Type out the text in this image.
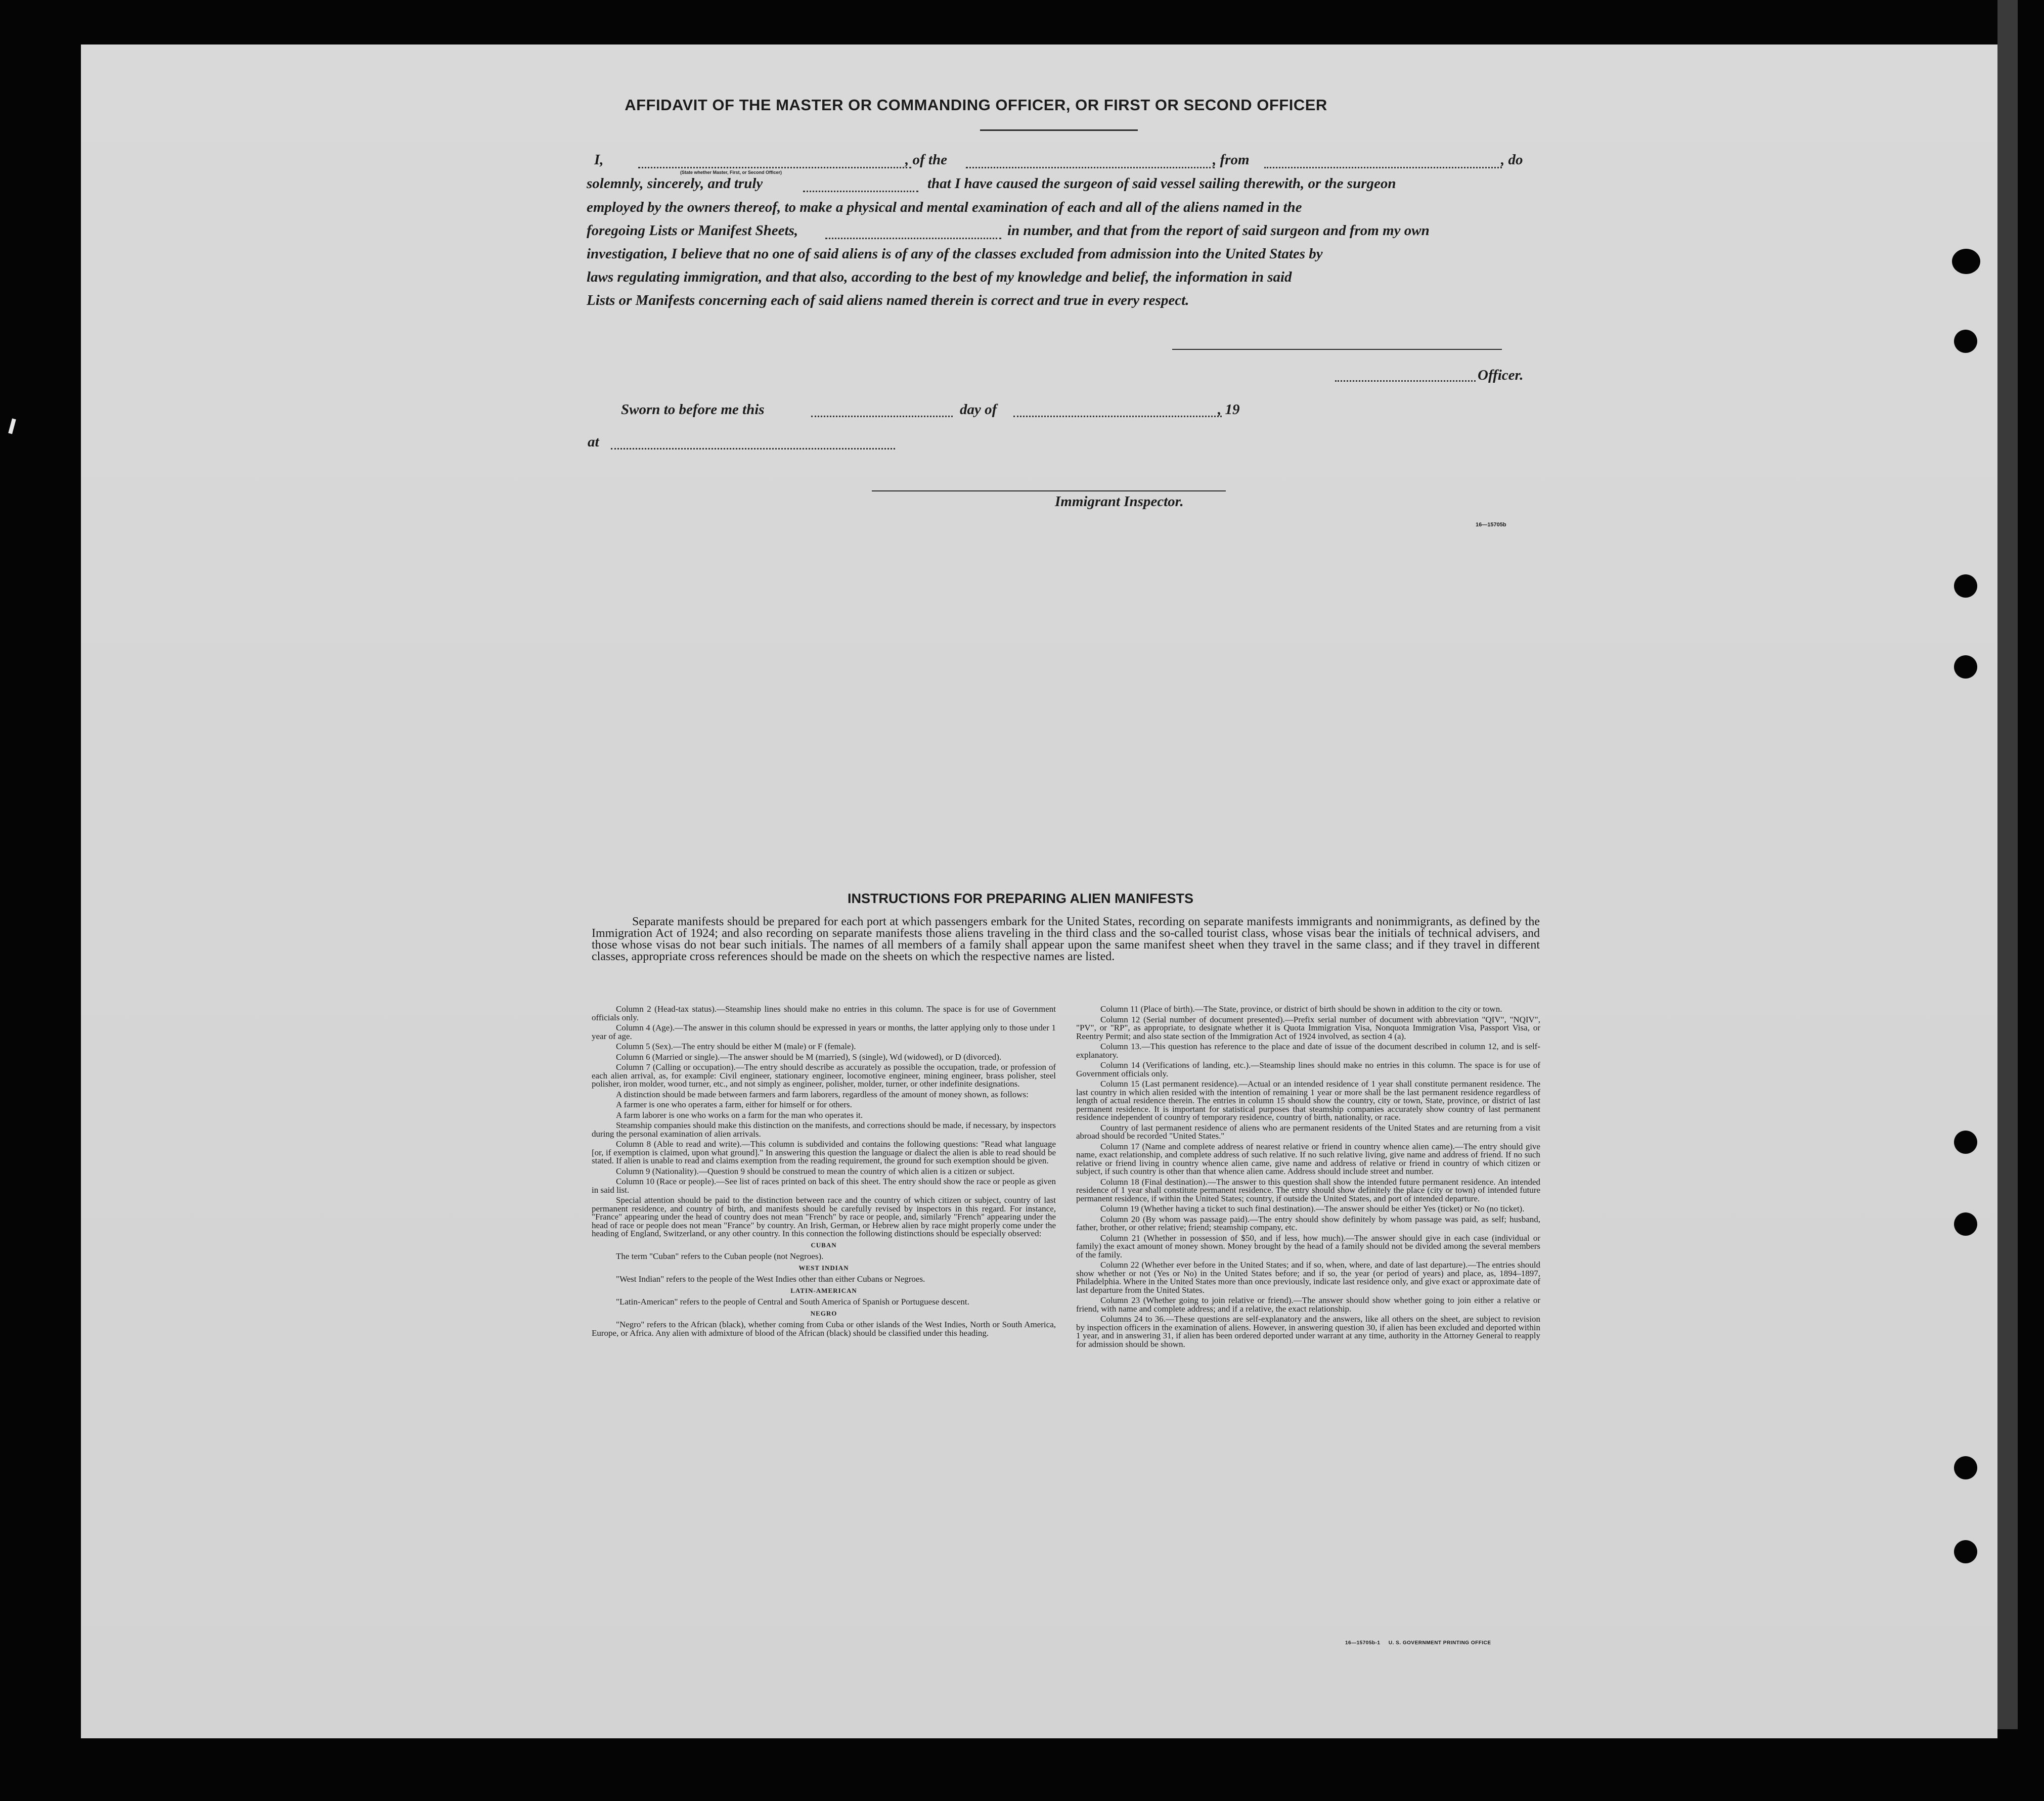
AFFIDAVIT OF THE MASTER OR COMMANDING OFFICER, OR FIRST OR SECOND OFFICER
I,	, of the	, from	, do
(State whether Master, First, or Second Officer)
solemnly, sincerely, and truly	that I have caused the surgeon of said vessel sailing therewith, or the surgeon
employed by the owners thereof, to make a physical and mental examination of each and all of the aliens named in the
foregoing Lists or Manifest Sheets,	in number, and that from the report of said surgeon and from my own
investigation, I believe that no one of said aliens is of any of the classes excluded from admission into the United States by
laws regulating immigration, and that also, according to the best of my knowledge and belief, the information in said
Lists or Manifests concerning each of said aliens named therein is correct and true in every respect.
Officer.
Sworn to before me this	day of	, 19
at
Immigrant Inspector.
16—15705b
INSTRUCTIONS FOR PREPARING ALIEN MANIFESTS

Separate manifests should be prepared for each port at which passengers embark for the United States, recording on separate manifests immigrants and nonimmigrants, as defined by the Immigration Act of 1924; and also recording on separate manifests those aliens traveling in the third class and the so-called tourist class, whose visas bear the initials of technical advisers, and those whose visas do not bear such initials. The names of all members of a family shall appear upon the same manifest sheet when they travel in the same class; and if they travel in different classes, appropriate cross references should be made on the sheets on which the respective names are listed.

Column 2 (Head-tax status).—Steamship lines should make no entries in this column. The space is for use of Government officials only.

Column 4 (Age).—The answer in this column should be expressed in years or months, the latter applying only to those under 1 year of age.

Column 5 (Sex).—The entry should be either M (male) or F (female).

Column 6 (Married or single).—The answer should be M (married), S (single), Wd (widowed), or D (divorced).

Column 7 (Calling or occupation).—The entry should describe as accurately as possible the occupation, trade, or profession of each alien arrival, as, for example: Civil engineer, stationary engineer, locomotive engineer, mining engineer, brass polisher, steel polisher, iron molder, wood turner, etc., and not simply as engineer, polisher, molder, turner, or other indefinite designations.

A distinction should be made between farmers and farm laborers, regardless of the amount of money shown, as follows:

A farmer is one who operates a farm, either for himself or for others.

A farm laborer is one who works on a farm for the man who operates it.

Steamship companies should make this distinction on the manifests, and corrections should be made, if necessary, by inspectors during the personal examination of alien arrivals.

Column 8 (Able to read and write).—This column is subdivided and contains the following questions: "Read what language [or, if exemption is claimed, upon what ground]." In answering this question the language or dialect the alien is able to read should be stated. If alien is unable to read and claims exemption from the reading requirement, the ground for such exemption should be given.

Column 9 (Nationality).—Question 9 should be construed to mean the country of which alien is a citizen or subject.

Column 10 (Race or people).—See list of races printed on back of this sheet. The entry should show the race or people as given in said list.

Special attention should be paid to the distinction between race and the country of which citizen or subject, country of last permanent residence, and country of birth, and manifests should be carefully revised by inspectors in this regard. For instance, "France" appearing under the head of country does not mean "French" by race or people, and, similarly "French" appearing under the head of race or people does not mean "France" by country. An Irish, German, or Hebrew alien by race might properly come under the heading of England, Switzerland, or any other country. In this connection the following distinctions should be especially observed:

CUBAN

The term "Cuban" refers to the Cuban people (not Negroes).

WEST INDIAN

"West Indian" refers to the people of the West Indies other than either Cubans or Negroes.

LATIN-AMERICAN

"Latin-American" refers to the people of Central and South America of Spanish or Portuguese descent.

NEGRO

"Negro" refers to the African (black), whether coming from Cuba or other islands of the West Indies, North or South America, Europe, or Africa. Any alien with admixture of blood of the African (black) should be classified under this heading.

Column 11 (Place of birth).—The State, province, or district of birth should be shown in addition to the city or town.

Column 12 (Serial number of document presented).—Prefix serial number of document with abbreviation "QIV", "NQIV", "PV", or "RP", as appropriate, to designate whether it is Quota Immigration Visa, Nonquota Immigration Visa, Passport Visa, or Reentry Permit; and also state section of the Immigration Act of 1924 involved, as section 4 (a).

Column 13.—This question has reference to the place and date of issue of the document described in column 12, and is self-explanatory.

Column 14 (Verifications of landing, etc.).—Steamship lines should make no entries in this column. The space is for use of Government officials only.

Column 15 (Last permanent residence).—Actual or an intended residence of 1 year shall constitute permanent residence. The last country in which alien resided with the intention of remaining 1 year or more shall be the last permanent residence regardless of length of actual residence therein. The entries in column 15 should show the country, city or town, State, province, or district of last permanent residence. It is important for statistical purposes that steamship companies accurately show country of last permanent residence independent of country of temporary residence, country of birth, nationality, or race.

Country of last permanent residence of aliens who are permanent residents of the United States and are returning from a visit abroad should be recorded "United States."

Column 17 (Name and complete address of nearest relative or friend in country whence alien came).—The entry should give name, exact relationship, and complete address of such relative. If no such relative living, give name and address of friend. If no such relative or friend living in country whence alien came, give name and address of relative or friend in country of which citizen or subject, if such country is other than that whence alien came. Address should include street and number.

Column 18 (Final destination).—The answer to this question shall show the intended future permanent residence. An intended residence of 1 year shall constitute permanent residence. The entry should show definitely the place (city or town) of intended future permanent residence, if within the United States; country, if outside the United States, and port of intended departure.

Column 19 (Whether having a ticket to such final destination).—The answer should be either Yes (ticket) or No (no ticket).

Column 20 (By whom was passage paid).—The entry should show definitely by whom passage was paid, as self; husband, father, brother, or other relative; friend; steamship company, etc.

Column 21 (Whether in possession of $50, and if less, how much).—The answer should give in each case (individual or family) the exact amount of money shown. Money brought by the head of a family should not be divided among the several members of the family.

Column 22 (Whether ever before in the United States; and if so, when, where, and date of last departure).—The entries should show whether or not (Yes or No) in the United States before; and if so, the year (or period of years) and place, as, 1894–1897, Philadelphia. Where in the United States more than once previously, indicate last residence only, and give exact or approximate date of last departure from the United States.

Column 23 (Whether going to join relative or friend).—The answer should show whether going to join either a relative or friend, with name and complete address; and if a relative, the exact relationship.

Columns 24 to 36.—These questions are self-explanatory and the answers, like all others on the sheet, are subject to revision by inspection officers in the examination of aliens. However, in answering question 30, if alien has been excluded and deported within 1 year, and in answering 31, if alien has been ordered deported under warrant at any time, authority in the Attorney General to reapply for admission should be shown.

16—15705b-1 U. S. GOVERNMENT PRINTING OFFICE
